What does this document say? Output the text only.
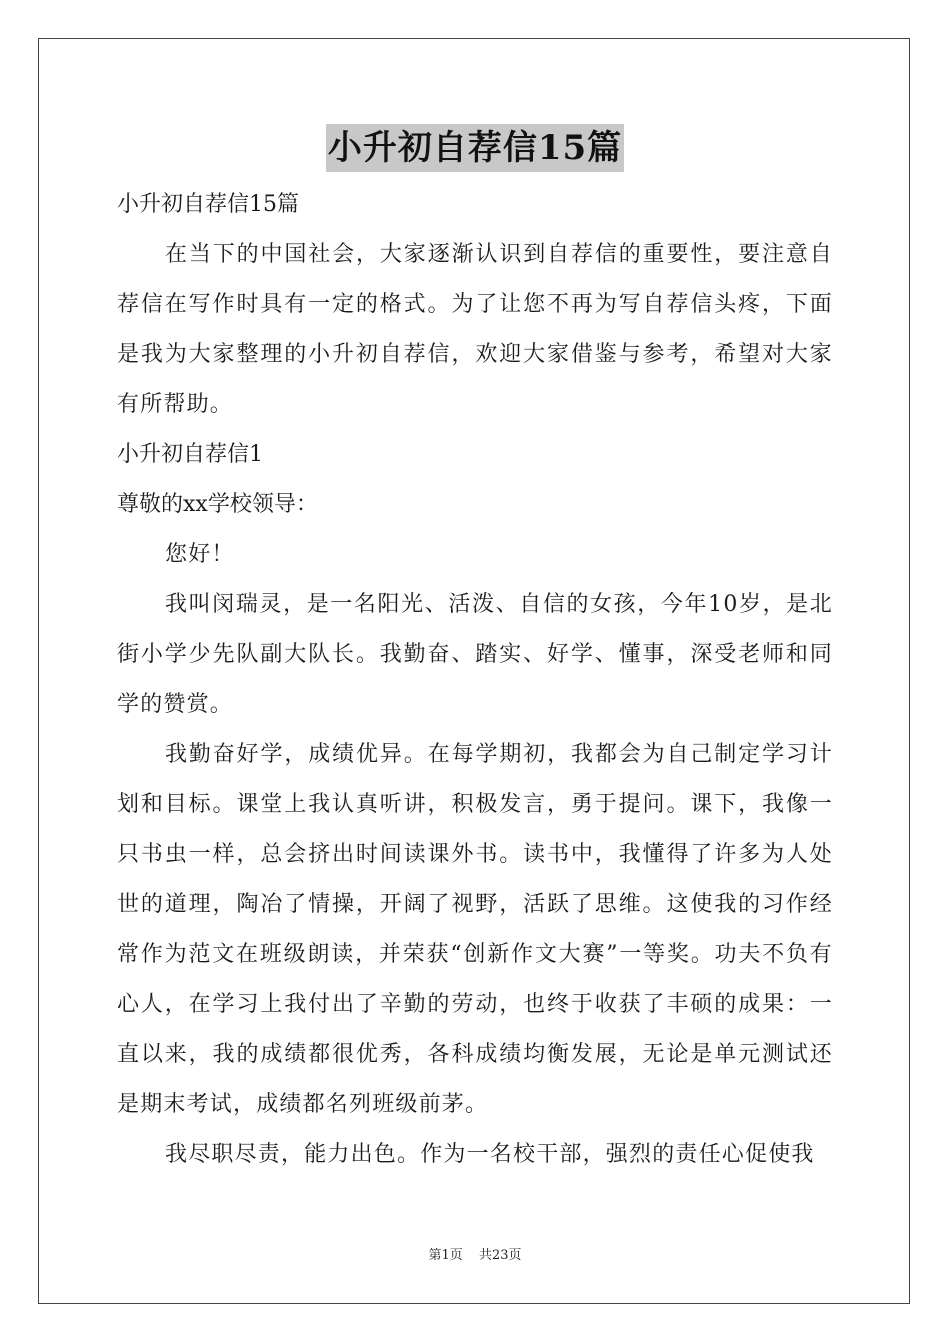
小升初自荐信15篇

小升初自荐信15篇

在当下的中国社会，大家逐渐认识到自荐信的重要性，要注意自荐信在写作时具有一定的格式。为了让您不再为写自荐信头疼，下面是我为大家整理的小升初自荐信，欢迎大家借鉴与参考，希望对大家有所帮助。

小升初自荐信1

尊敬的xx学校领导：

您好！

我叫闵瑞灵，是一名阳光、活泼、自信的女孩，今年10岁，是北街小学少先队副大队长。我勤奋、踏实、好学、懂事，深受老师和同学的赞赏。

我勤奋好学，成绩优异。在每学期初，我都会为自己制定学习计划和目标。课堂上我认真听讲，积极发言，勇于提问。课下，我像一只书虫一样，总会挤出时间读课外书。读书中，我懂得了许多为人处世的道理，陶冶了情操，开阔了视野，活跃了思维。这使我的习作经常作为范文在班级朗读，并荣获“创新作文大赛”一等奖。功夫不负有心人，在学习上我付出了辛勤的劳动，也终于收获了丰硕的成果：一直以来，我的成绩都很优秀，各科成绩均衡发展，无论是单元测试还是期末考试，成绩都名列班级前茅。

我尽职尽责，能力出色。作为一名校干部，强烈的责任心促使我

第1页 共23页
